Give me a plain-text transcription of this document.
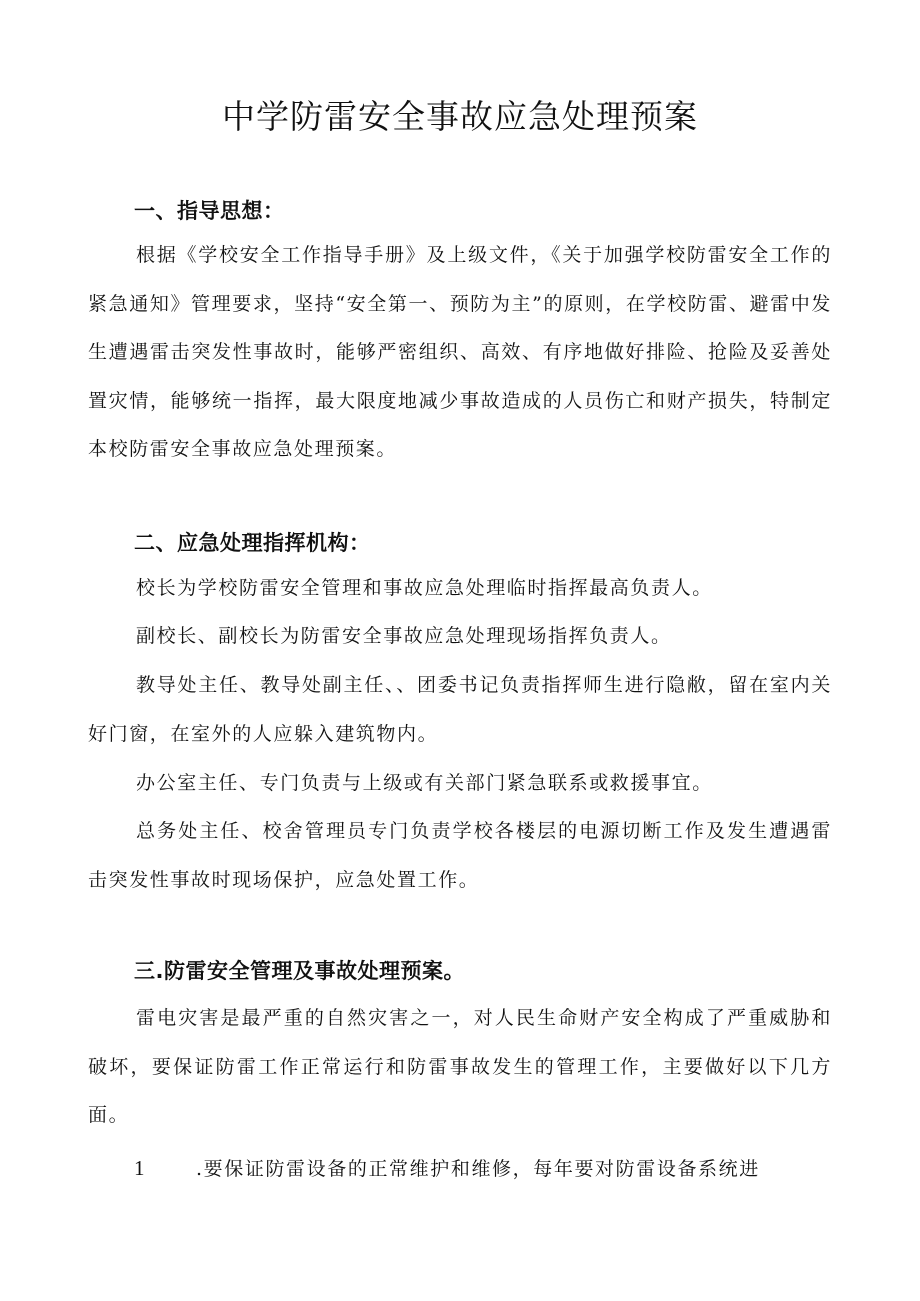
中学防雷安全事故应急处理预案
一、指导思想：

根据《学校安全工作指导手册》及上级文件，《关于加强学校防雷安全工作的紧急通知》管理要求，坚持“安全第一、预防为主”的原则，在学校防雷、避雷中发生遭遇雷击突发性事故时，能够严密组织、高效、有序地做好排险、抢险及妥善处置灾情，能够统一指挥，最大限度地减少事故造成的人员伤亡和财产损失，特制定本校防雷安全事故应急处理预案。

二、应急处理指挥机构：

校长为学校防雷安全管理和事故应急处理临时指挥最高负责人。

副校长、副校长为防雷安全事故应急处理现场指挥负责人。

教导处主任、教导处副主任、、团委书记负责指挥师生进行隐敝，留在室内关好门窗，在室外的人应躲入建筑物内。

办公室主任、专门负责与上级或有关部门紧急联系或救援事宜。

总务处主任、校舍管理员专门负责学校各楼层的电源切断工作及发生遭遇雷击突发性事故时现场保护，应急处置工作。

三.防雷安全管理及事故处理预案。

雷电灾害是最严重的自然灾害之一，对人民生命财产安全构成了严重威胁和破坏，要保证防雷工作正常运行和防雷事故发生的管理工作，主要做好以下几方面。

1	.要保证防雷设备的正常维护和维修，每年要对防雷设备系统进
